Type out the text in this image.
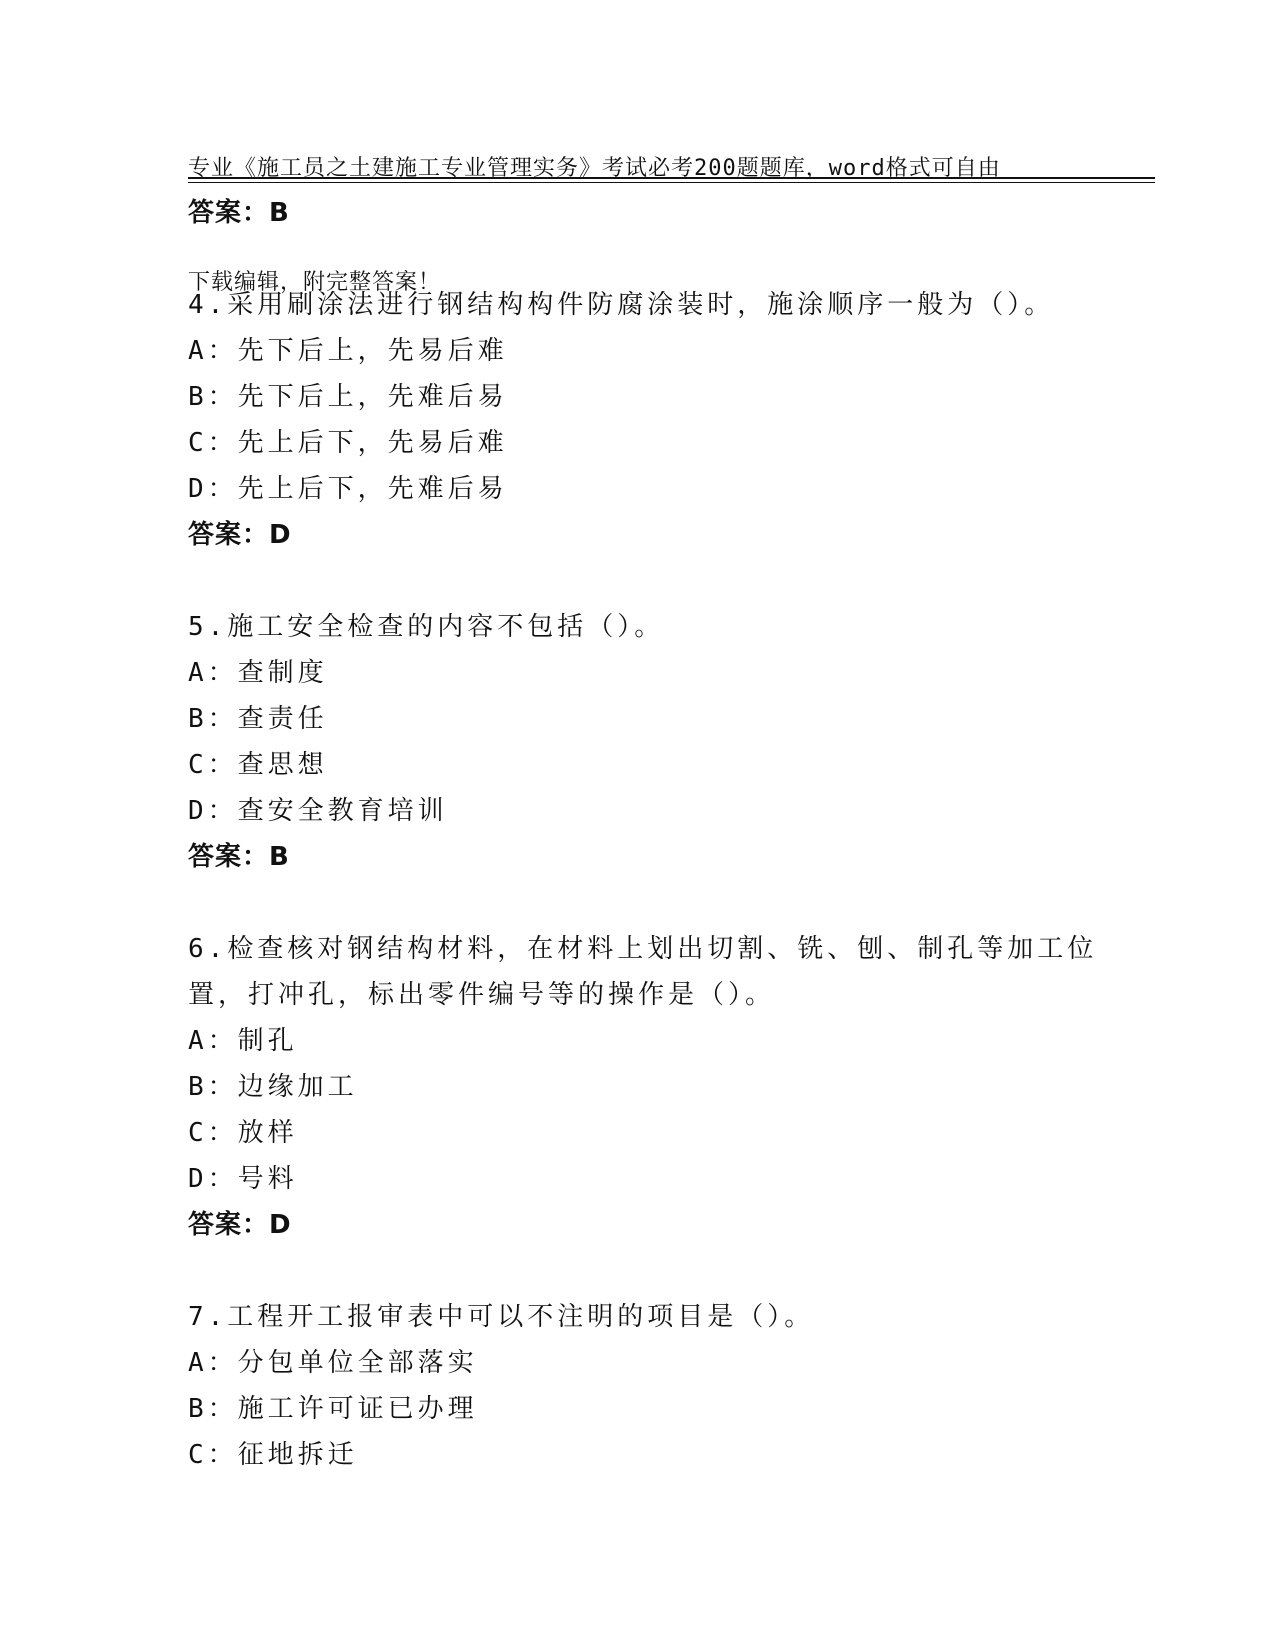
专业《施工员之土建施工专业管理实务》考试必考200题题库，word格式可自由

下载编辑，附完整答案！

答案：B
4.采用刷涂法进行钢结构构件防腐涂装时，施涂顺序一般为（）。
A：先下后上，先易后难
B：先下后上，先难后易
C：先上后下，先易后难
D：先上后下，先难后易
答案：D
5.施工安全检查的内容不包括（）。
A：查制度
B：查责任
C：查思想
D：查安全教育培训
答案：B
6.检查核对钢结构材料，在材料上划出切割、铣、刨、制孔等加工位
置，打冲孔，标出零件编号等的操作是（）。
A：制孔
B：边缘加工
C：放样
D：号料
答案：D
7.工程开工报审表中可以不注明的项目是（）。
A：分包单位全部落实
B：施工许可证已办理
C：征地拆迁
